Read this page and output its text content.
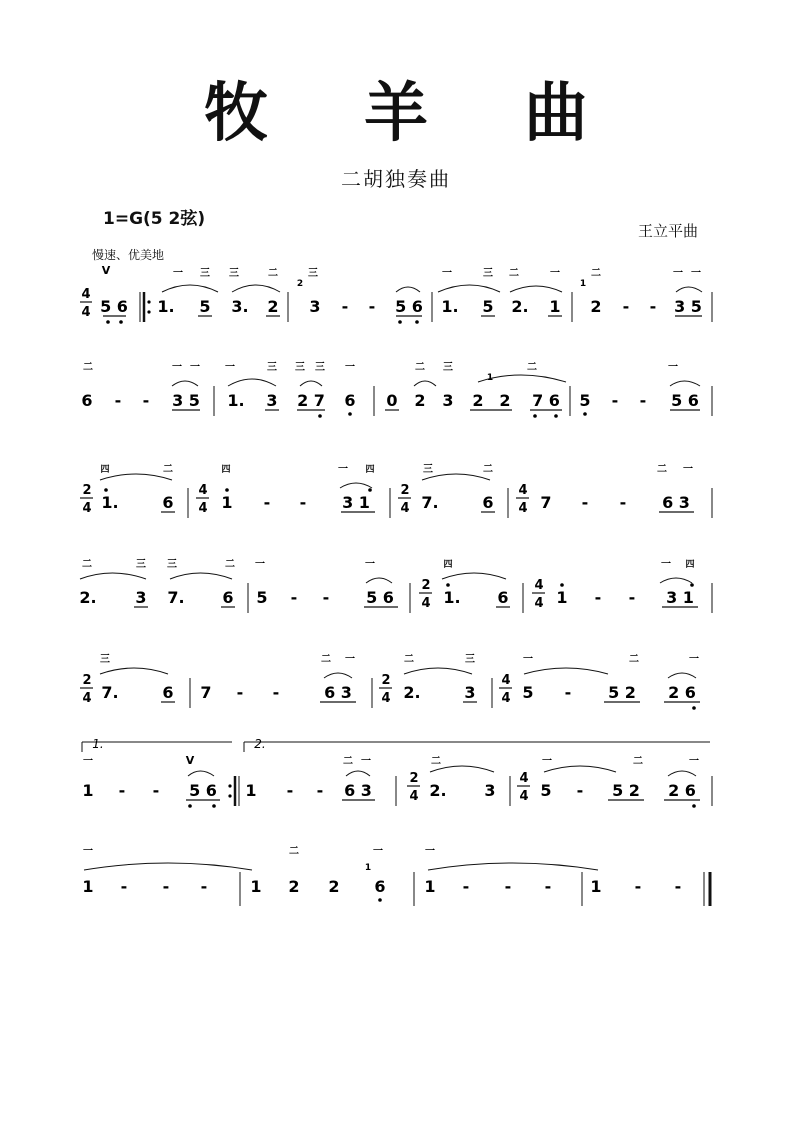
牧 羊 曲
二胡独奏曲
1=G(5 2弦)
王立平曲
慢速、优美地
V	一 三 三	二	三	一	三 二	一	二	一 一
4
4 5 6 1. 5 3. 2
2
3 - - 5 6 1. 5 2. 1
1
2 - - 3 5
二	一 一	一	三 三 三 一	二 三	二	一
6 - - 3 5 1. 3 2 7 6 0 2 3 2
1
2 7 6 5 - - 5 6
四	二	四	一 四	三	二	二 一
2
4 1.	6
4
4 1 - - 3 1
2
4 7.	6
4
4 7 - - 6 3
二	三 三	二 一	一	四	一 四
2. 3 7. 6 5 - - 5 6
2
4 1. 6
4
4 1 - - 3 1
三	二 一	二	三	一	二	一
2
4 7.	6 7 - -	6 3
2
4 2.	3
4
4 5 - 5 2 2 6
1.	2.
一	V	二 一	二	一	二	一
1 - - 5 6 1 - - 6 3
2
4 2. 3
4
4 5 - 5 2 2 6
一	二	一	一
1 - - -	1 2 2
1
6 1 - - - 1 - -
